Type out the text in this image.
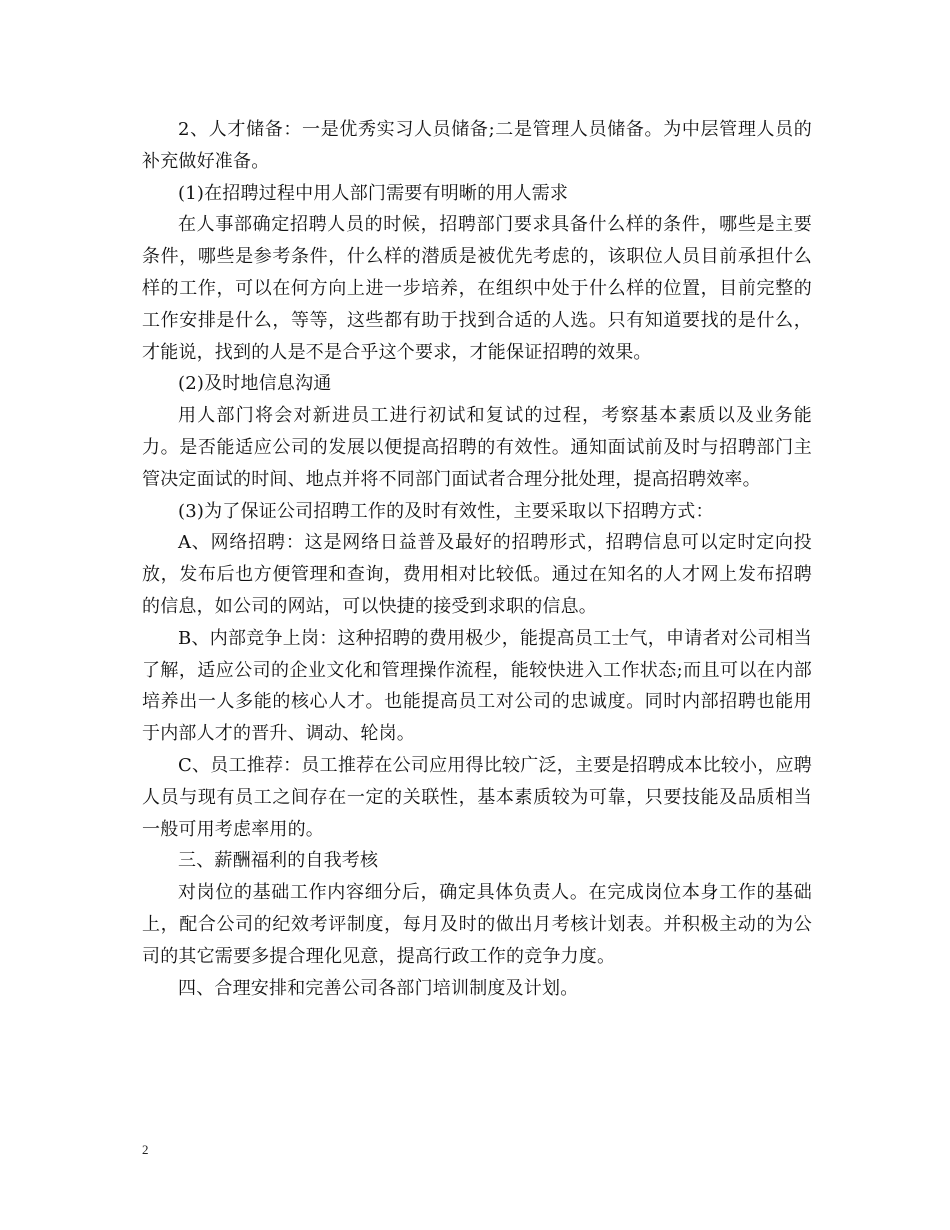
2、人才储备：一是优秀实习人员储备;二是管理人员储备。为中层管理人员的补充做好准备。

(1)在招聘过程中用人部门需要有明晰的用人需求

在人事部确定招聘人员的时候，招聘部门要求具备什么样的条件，哪些是主要条件，哪些是参考条件，什么样的潜质是被优先考虑的，该职位人员目前承担什么样的工作，可以在何方向上进一步培养，在组织中处于什么样的位置，目前完整的工作安排是什么，等等，这些都有助于找到合适的人选。只有知道要找的是什么，才能说，找到的人是不是合乎这个要求，才能保证招聘的效果。

(2)及时地信息沟通

用人部门将会对新进员工进行初试和复试的过程，考察基本素质以及业务能力。是否能适应公司的发展以便提高招聘的有效性。通知面试前及时与招聘部门主管决定面试的时间、地点并将不同部门面试者合理分批处理，提高招聘效率。

(3)为了保证公司招聘工作的及时有效性，主要采取以下招聘方式：

A、网络招聘：这是网络日益普及最好的招聘形式，招聘信息可以定时定向投放，发布后也方便管理和查询，费用相对比较低。通过在知名的人才网上发布招聘的信息，如公司的网站，可以快捷的接受到求职的信息。

B、内部竞争上岗：这种招聘的费用极少，能提高员工士气，申请者对公司相当了解，适应公司的企业文化和管理操作流程，能较快进入工作状态;而且可以在内部培养出一人多能的核心人才。也能提高员工对公司的忠诚度。同时内部招聘也能用于内部人才的晋升、调动、轮岗。

C、员工推荐：员工推荐在公司应用得比较广泛，主要是招聘成本比较小，应聘人员与现有员工之间存在一定的关联性，基本素质较为可靠，只要技能及品质相当一般可用考虑率用的。

三、薪酬福利的自我考核

对岗位的基础工作内容细分后，确定具体负责人。在完成岗位本身工作的基础上，配合公司的纪效考评制度，每月及时的做出月考核计划表。并积极主动的为公司的其它需要多提合理化见意，提高行政工作的竞争力度。

四、合理安排和完善公司各部门培训制度及计划。

2
